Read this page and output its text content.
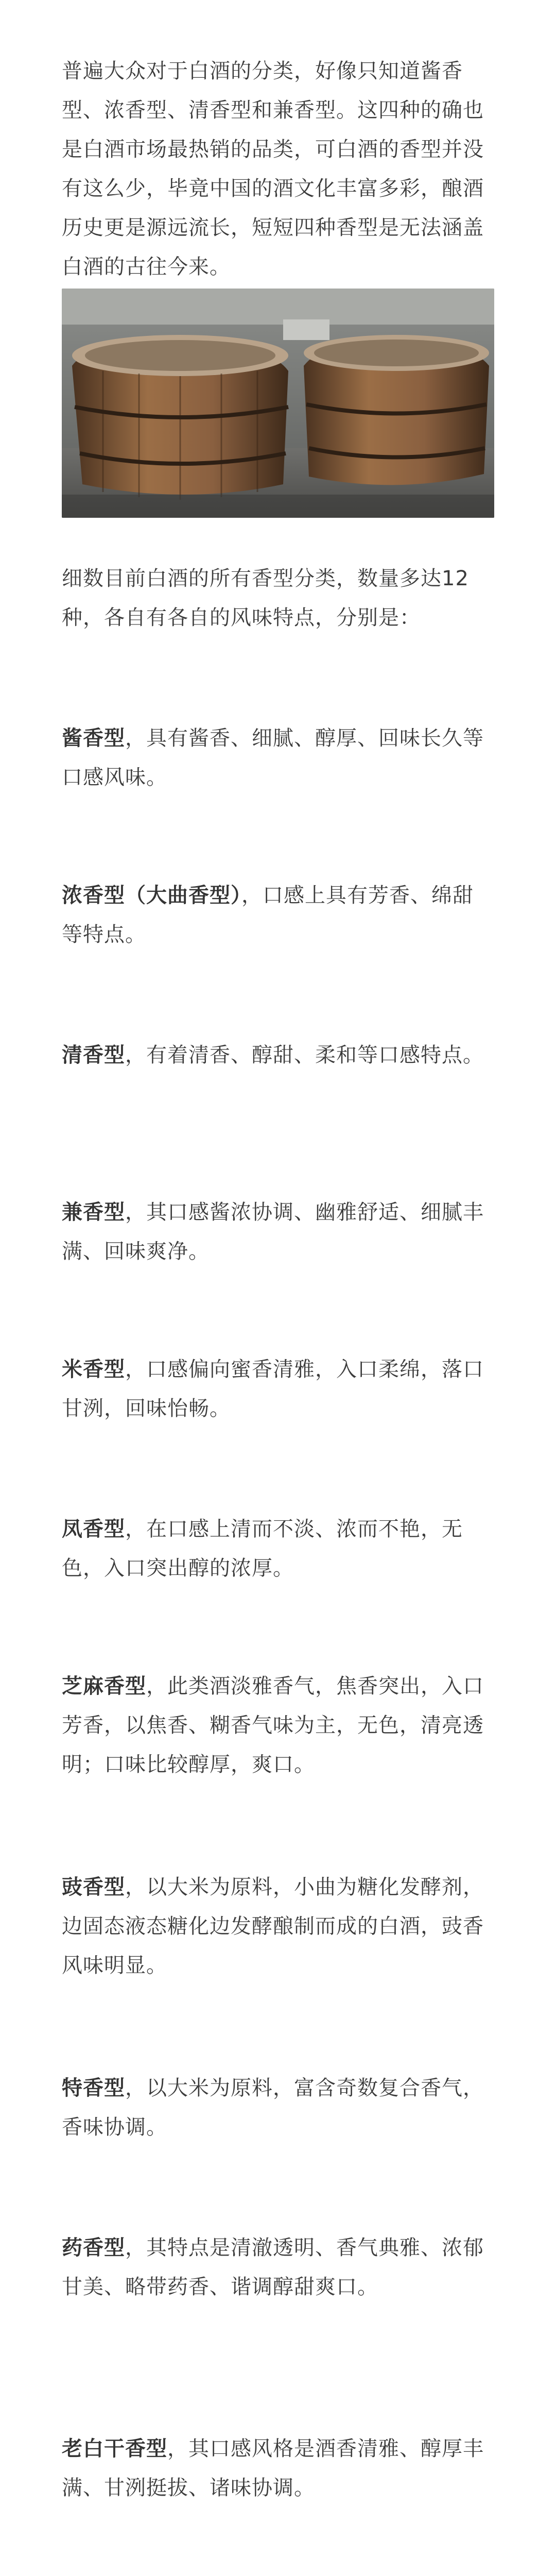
普遍大众对于白酒的分类，好像只知道酱香型、浓香型、清香型和兼香型。这四种的确也是白酒市场最热销的品类，可白酒的香型并没有这么少，毕竟中国的酒文化丰富多彩，酿酒历史更是源远流长，短短四种香型是无法涵盖白酒的古往今来。

细数目前白酒的所有香型分类，数量多达12种，各自有各自的风味特点，分别是：

酱香型，具有酱香、细腻、醇厚、回味长久等口感风味。
浓香型（大曲香型），口感上具有芳香、绵甜等特点。
清香型，有着清香、醇甜、柔和等口感特点。
兼香型，其口感酱浓协调、幽雅舒适、细腻丰满、回味爽净。
米香型，口感偏向蜜香清雅，入口柔绵，落口甘洌，回味怡畅。
凤香型，在口感上清而不淡、浓而不艳，无色，入口突出醇的浓厚。
芝麻香型，此类酒淡雅香气，焦香突出，入口芳香，以焦香、糊香气味为主，无色，清亮透明；口味比较醇厚，爽口。
豉香型，以大米为原料，小曲为糖化发酵剂，边固态液态糖化边发酵酿制而成的白酒，豉香风味明显。
特香型，以大米为原料，富含奇数复合香气，香味协调。
药香型，其特点是清澈透明、香气典雅、浓郁甘美、略带药香、谐调醇甜爽口。
老白干香型，其口感风格是酒香清雅、醇厚丰满、甘洌挺拔、诸味协调。
